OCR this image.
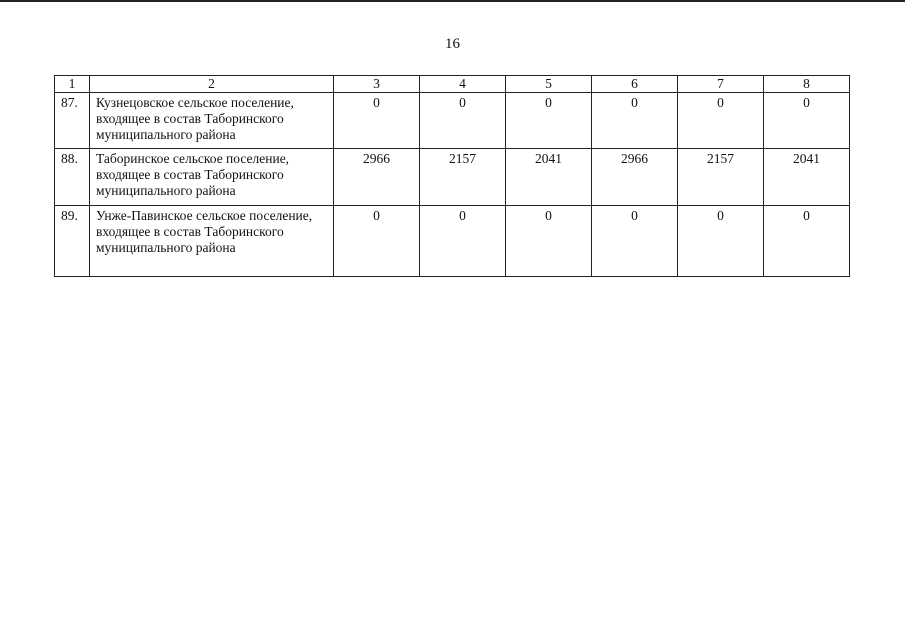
16
1	2	3	4	5	6	7	8
87.	Кузнецовское сельское поселение, входящее в состав Таборинского муниципального района	0	0	0	0	0	0
88.	Таборинское сельское поселение, входящее в состав Таборинского муниципального района	2966	2157	2041	2966	2157	2041
89.	Унже-Павинское сельское поселение, входящее в состав Таборинского муниципального района	0	0	0	0	0	0
